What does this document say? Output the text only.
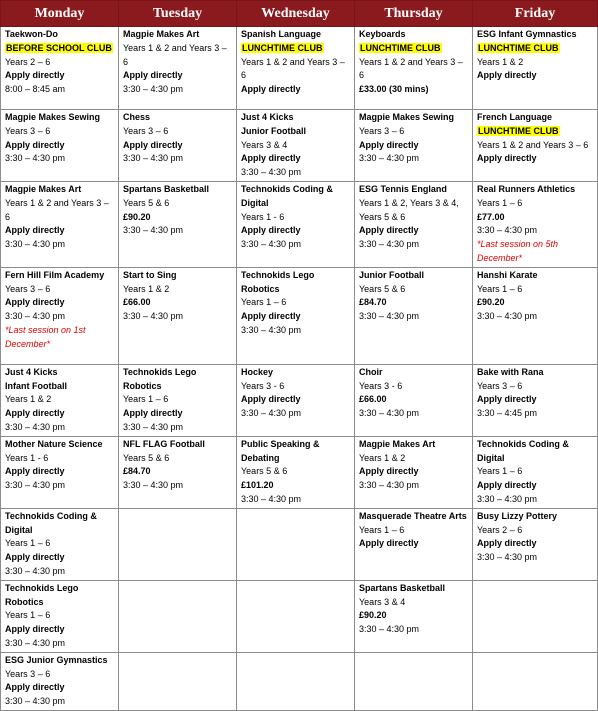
Monday	Tuesday	Wednesday	Thursday	Friday

Taekwon-Do
BEFORE SCHOOL CLUB
Years 2 – 6
Apply directly
8:00 – 8:45 am	Magpie Makes Art
Years 1 & 2 and Years 3 – 6
Apply directly
3:30 – 4:30 pm	Spanish Language
LUNCHTIME CLUB
Years 1 & 2 and Years 3 – 6
Apply directly	Keyboards
LUNCHTIME CLUB
Years 1 & 2 and Years 3 – 6
£33.00 (30 mins)	ESG Infant Gymnastics
LUNCHTIME CLUB
Years 1 & 2
Apply directly

Magpie Makes Sewing
Years 3 – 6
Apply directly
3:30 – 4:30 pm	Chess
Years 3 – 6
Apply directly
3:30 – 4:30 pm	Just 4 Kicks
Junior Football
Years 3 & 4
Apply directly
3:30 – 4:30 pm	Magpie Makes Sewing
Years 3 – 6
Apply directly
3:30 – 4:30 pm	French Language
LUNCHTIME CLUB
Years 1 & 2 and Years 3 – 6
Apply directly

Magpie Makes Art
Years 1 & 2 and Years 3 – 6
Apply directly
3:30 – 4:30 pm	Spartans Basketball
Years 5 & 6
£90.20
3:30 – 4:30 pm	Technokids Coding & Digital
Years 1 - 6
Apply directly
3:30 – 4:30 pm	ESG Tennis England
Years 1 & 2, Years 3 & 4, Years 5 & 6
Apply directly
3:30 – 4:30 pm	Real Runners Athletics
Years 1 – 6
£77.00
3:30 – 4:30 pm
*Last session on 5th December*

Fern Hill Film Academy
Years 3 – 6
Apply directly
3:30 – 4:30 pm
*Last session on 1st December*	Start to Sing
Years 1 & 2
£66.00
3:30 – 4:30 pm	Technokids Lego Robotics
Years 1 – 6
Apply directly
3:30 – 4:30 pm	Junior Football
Years 5 & 6
£84.70
3:30 – 4:30 pm	Hanshi Karate
Years 1 – 6
£90.20
3:30 – 4:30 pm

Just 4 Kicks
Infant Football
Years 1 & 2
Apply directly
3:30 – 4:30 pm	Technokids Lego Robotics
Years 1 – 6
Apply directly
3:30 – 4:30 pm	Hockey
Years 3 - 6
Apply directly
3:30 – 4:30 pm	Choir
Years 3 - 6
£66.00
3:30 – 4:30 pm	Bake with Rana
Years 3 – 6
Apply directly
3:30 – 4:45 pm

Mother Nature Science
Years 1 - 6
Apply directly
3:30 – 4:30 pm	NFL FLAG Football
Years 5 & 6
£84.70
3:30 – 4:30 pm	Public Speaking & Debating
Years 5 & 6
£101.20
3:30 – 4:30 pm	Magpie Makes Art
Years 1 & 2
Apply directly
3:30 – 4:30 pm	Technokids Coding & Digital
Years 1 – 6
Apply directly
3:30 – 4:30 pm

Technokids Coding & Digital
Years 1 – 6
Apply directly
3:30 – 4:30 pm			Masquerade Theatre Arts
Years 1 – 6
Apply directly	Busy Lizzy Pottery
Years 2 – 6
Apply directly
3:30 – 4:30 pm

Technokids Lego Robotics
Years 1 – 6
Apply directly
3:30 – 4:30 pm			Spartans Basketball
Years 3 & 4
£90.20
3:30 – 4:30 pm	

ESG Junior Gymnastics
Years 3 – 6
Apply directly
3:30 – 4:30 pm				
